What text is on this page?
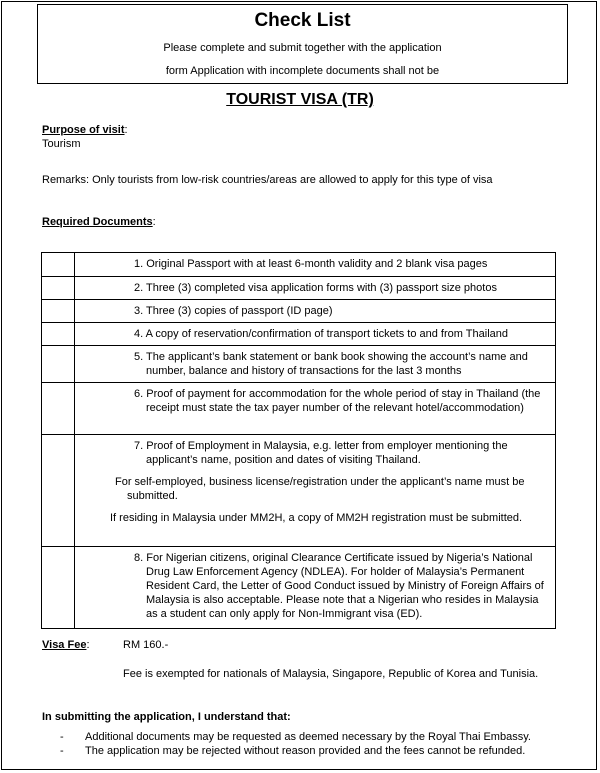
Check List
Please complete and submit together with the application
form Application with incomplete documents shall not be
TOURIST VISA (TR)
Purpose of visit:
Tourism
Remarks: Only tourists from low-risk countries/areas are allowed to apply for this type of visa
Required Documents:

	1. Original Passport with at least 6-month validity and 2 blank visa pages

	2. Three (3) completed visa application forms with (3) passport size photos

	3. Three (3) copies of passport (ID page)

	4. A copy of reservation/confirmation of transport tickets to and from Thailand

	5. The applicant’s bank statement or bank book showing the account’s name and number, balance and history of transactions for the last 3 months

	6. Proof of payment for accommodation for the whole period of stay in Thailand (the receipt must state the tax payer number of the relevant hotel/accommodation)

	7. Proof of Employment in Malaysia, e.g. letter from employer mentioning the applicant’s name, position and dates of visiting Thailand.
For self-employed, business license/registration under the applicant’s name must be submitted.
If residing in Malaysia under MM2H, a copy of MM2H registration must be submitted.

	8. For Nigerian citizens, original Clearance Certificate issued by Nigeria’s National Drug Law Enforcement Agency (NDLEA). For holder of Malaysia’s Permanent Resident Card, the Letter of Good Conduct issued by Ministry of Foreign Affairs of Malaysia is also acceptable. Please note that a Nigerian who resides in Malaysia as a student can only apply for Non-Immigrant visa (ED).
Visa Fee:	RM 160.-
Fee is exempted for nationals of Malaysia, Singapore, Republic of Korea and Tunisia.
In submitting the application, I understand that:
-	Additional documents may be requested as deemed necessary by the Royal Thai Embassy.
-	The application may be rejected without reason provided and the fees cannot be refunded.
